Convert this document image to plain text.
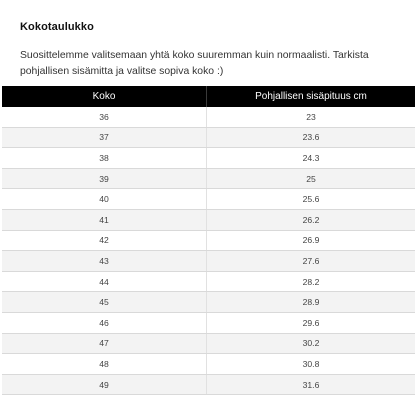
Kokotaulukko
Suosittelemme valitsemaan yhtä koko suuremman kuin normaalisti. Tarkista pohjallisen sisämitta ja valitse sopiva koko :)
Koko	Pohjallisen sisäpituus cm
36	23
37	23.6
38	24.3
39	25
40	25.6
41	26.2
42	26.9
43	27.6
44	28.2
45	28.9
46	29.6
47	30.2
48	30.8
49	31.6
